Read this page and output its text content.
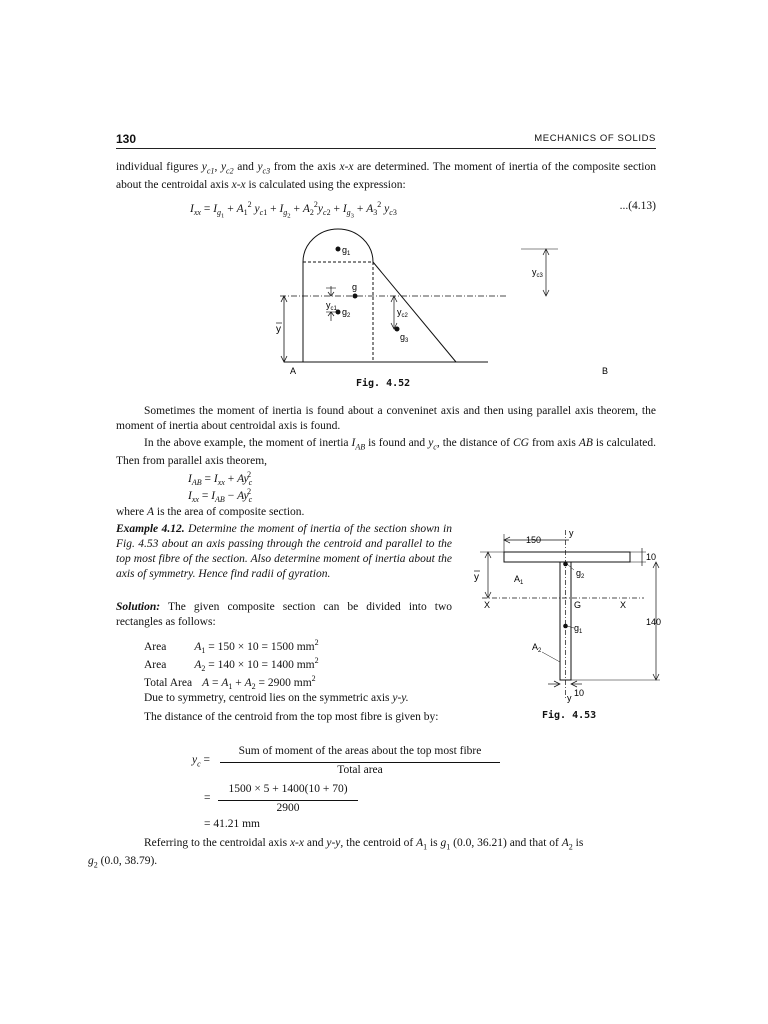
130	MECHANICS OF SOLIDS
individual figures $y_{c1}$, $y_{c2}$ and $y_{c3}$ from the axis x-x are determined. The moment of inertia of the composite section about the centroidal axis x-x is calculated using the expression:
$I_{xx} = I_{g_1} + A_1^2$ $y_{c1} + I_{g_2} + A_2^2y_{c2} + I_{g_3} + A_3^2$ $y_{c3}$
...(4.13)
$g_1$
g
$g_2$
$g_3$
y
$y_{c1}$	$y_{c2}$
$y_{c3}$
A	B
Fig. 4.52
Sometimes the moment of inertia is found about a conveninet axis and then using parallel axis theorem, the moment of inertia about centroidal axis is found.
In the above example, the moment of inertia $I_{AB}$ is found and $y_c$, the distance of CG from axis AB is calculated. Then from parallel axis theorem,
$I_{AB} = I_{xx} + Ay_c^2$
$I_{xx} = I_{AB} - Ay_c^2$
where A is the area of composite section.
Example 4.12. Determine the moment of inertia of the section shown in Fig. 4.53 about an axis passing through the centroid and parallel to the top most fibre of the section. Also determine moment of inertia about the axis of symmetry. Hence find radii of gyration.
Solution: The given composite section can be divided into two rectangles as follows:
Area $A_1 = 150 \times 10 = 1500$ $mm^2$
Area $A_2 = 140 \times 10 = 1400$ $mm^2$
Total Area $A = A_1 + A_2 = 2900$ $mm^2$
Due to symmetry, centroid lies on the symmetric axis y-y.
The distance of the centroid from the top most fibre is given by:
$y_c$ =
Sum of moment of the areas about the top most fibre
Total area
=
1500 × 5 + 1400(10 + 70)
2900
= 41.21 mm
Referring to the centroidal axis x-x and y-y, the centroid of $A_1$ is $g_1$ (0.0, 36.21) and that of $A_2$ is
$g_2$ (0.0, 38.79).
150
y
y
X	X
G
$g_2$
$g_1$
$A_1$
$A_2$
y
10
140
10
Fig. 4.53
